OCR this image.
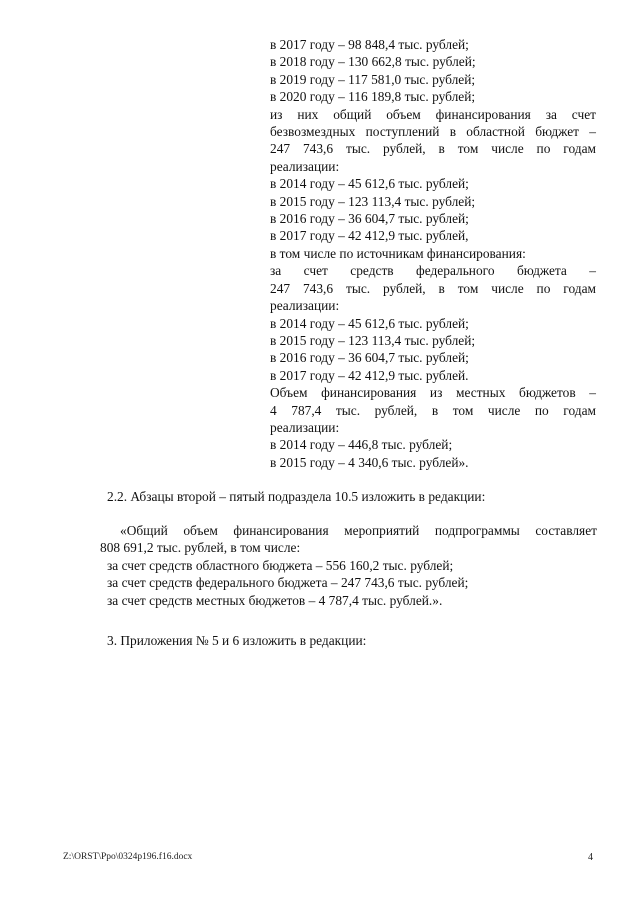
в 2017 году – 98 848,4 тыс. рублей;
в 2018 году – 130 662,8 тыс. рублей;
в 2019 году – 117 581,0 тыс. рублей;
в 2020 году – 116 189,8 тыс. рублей;
из них общий объем финансирования за счет
безвозмездных поступлений в областной бюджет –
247 743,6 тыс. рублей, в том числе по годам
реализации:
в 2014 году – 45 612,6 тыс. рублей;
в 2015 году – 123 113,4 тыс. рублей;
в 2016 году – 36 604,7 тыс. рублей;
в 2017 году – 42 412,9 тыс. рублей,
в том числе по источникам финансирования:
за счет средств федерального бюджета –
247 743,6 тыс. рублей, в том числе по годам
реализации:
в 2014 году – 45 612,6 тыс. рублей;
в 2015 году – 123 113,4 тыс. рублей;
в 2016 году – 36 604,7 тыс. рублей;
в 2017 году – 42 412,9 тыс. рублей.
Объем финансирования из местных бюджетов –
4 787,4 тыс. рублей, в том числе по годам
реализации:
в 2014 году – 446,8 тыс. рублей;
в 2015 году – 4 340,6 тыс. рублей».
2.2. Абзацы второй – пятый подраздела 10.5 изложить в редакции:
«Общий объем финансирования мероприятий подпрограммы составляет
808 691,2 тыс. рублей, в том числе:
за счет средств областного бюджета – 556 160,2 тыс. рублей;
за счет средств федерального бюджета – 247 743,6 тыс. рублей;
за счет средств местных бюджетов – 4 787,4 тыс. рублей.».
3. Приложения № 5 и 6 изложить в редакции:
Z:\ORST\Ppo\0324p196.f16.docx	4
